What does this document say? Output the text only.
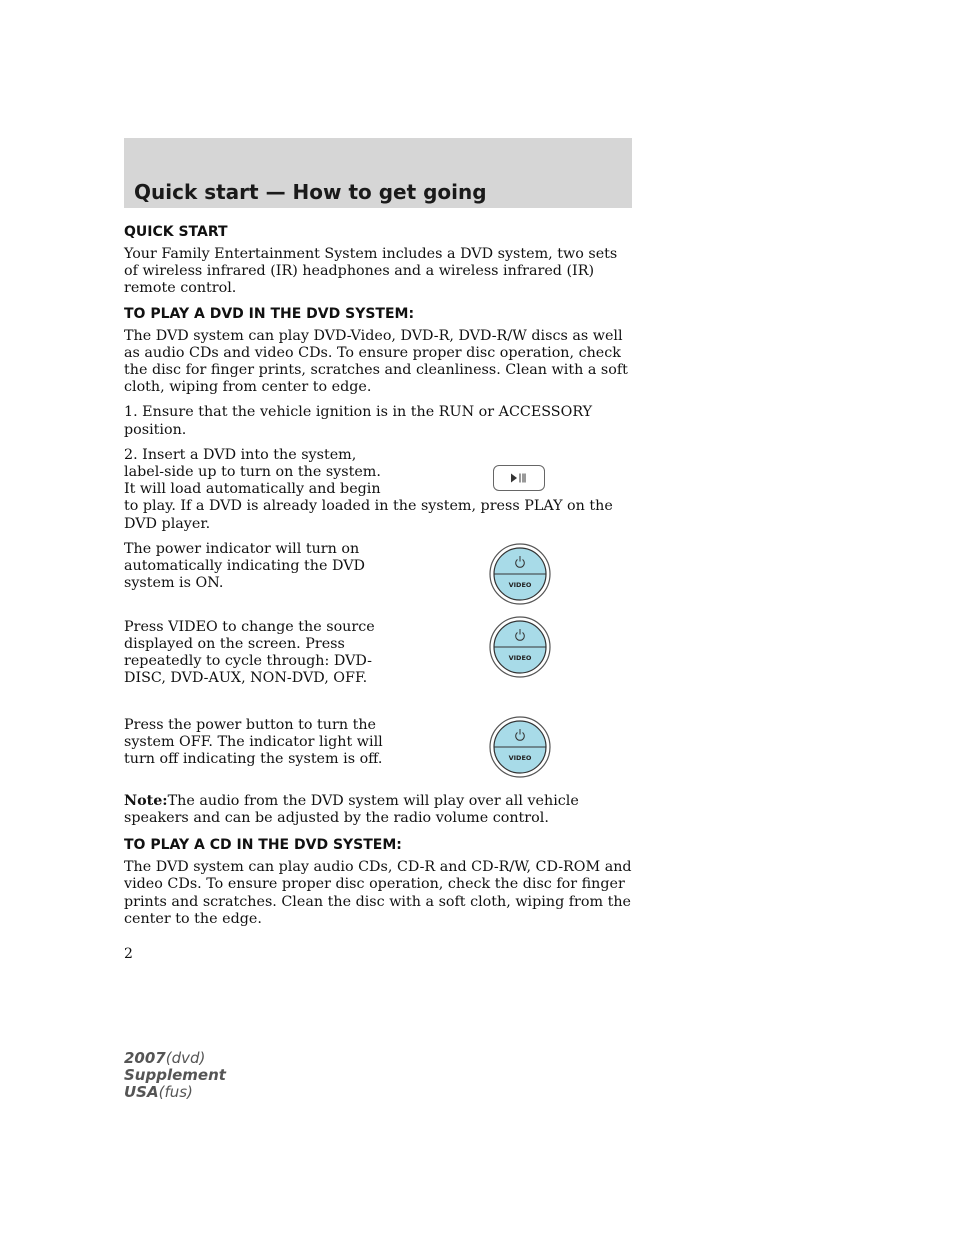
Quick start — How to get going
QUICK START
Your Family Entertainment System includes a DVD system, two sets of wireless infrared (IR) headphones and a wireless infrared (IR) remote control.
TO PLAY A DVD IN THE DVD SYSTEM:
The DVD system can play DVD-Video, DVD-R, DVD-R/W discs as well as audio CDs and video CDs. To ensure proper disc operation, check the disc for finger prints, scratches and cleanliness. Clean with a soft cloth, wiping from center to edge.
1. Ensure that the vehicle ignition is in the RUN or ACCESSORY position.
2. Insert a DVD into the system, label-side up to turn on the system. It will load automatically and begin
to play. If a DVD is already loaded in the system, press PLAY on the DVD player.
The power indicator will turn on automatically indicating the DVD system is ON.	VIDEO
Press VIDEO to change the source displayed on the screen. Press repeatedly to cycle through: DVD-DISC, DVD-AUX, NON-DVD, OFF.
VIDEO
Press the power button to turn the system OFF. The indicator light will turn off indicating the system is off.	VIDEO
Note:The audio from the DVD system will play over all vehicle speakers and can be adjusted by the radio volume control.
TO PLAY A CD IN THE DVD SYSTEM:
The DVD system can play audio CDs, CD-R and CD-R/W, CD-ROM and video CDs. To ensure proper disc operation, check the disc for finger prints and scratches. Clean the disc with a soft cloth, wiping from the center to the edge.
2
2007(dvd)
Supplement
USA(fus)
